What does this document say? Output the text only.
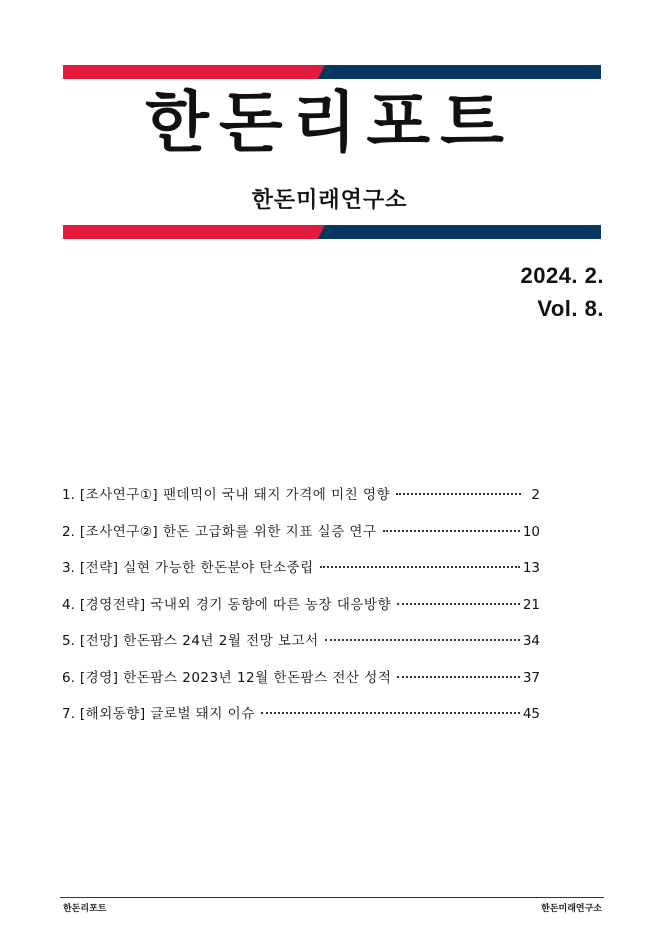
한돈리포트
한돈미래연구소
2024. 2.
Vol. 8.
1. [조사연구①] 팬데믹이 국내 돼지 가격에 미친 영향	2
2. [조사연구②] 한돈 고급화를 위한 지표 실증 연구	10
3. [전략] 실현 가능한 한돈분야 탄소중립	13
4. [경영전략] 국내외 경기 동향에 따른 농장 대응방향	21
5. [전망] 한돈팜스 24년 2월 전망 보고서	34
6. [경영] 한돈팜스 2023년 12월 한돈팜스 전산 성적	37
7. [해외동향] 글로벌 돼지 이슈	45
한돈리포트	한돈미래연구소
